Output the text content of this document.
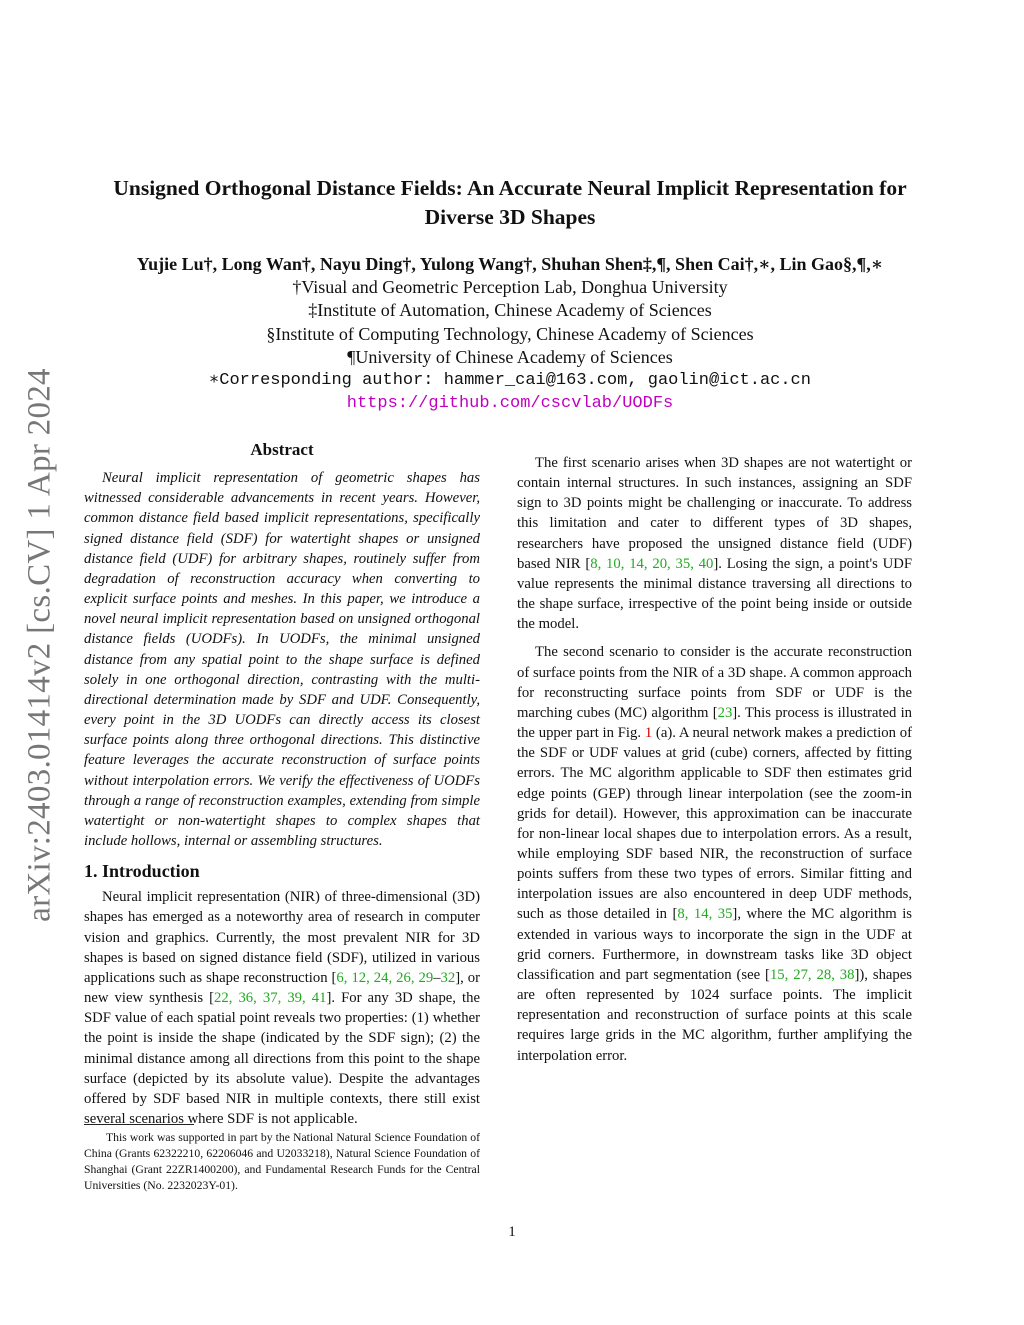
arXiv:2403.01414v2 [cs.CV] 1 Apr 2024
Unsigned Orthogonal Distance Fields: An Accurate Neural Implicit Representation for Diverse 3D Shapes
Yujie Lu†, Long Wan†, Nayu Ding†, Yulong Wang†, Shuhan Shen‡,¶, Shen Cai†,∗, Lin Gao§,¶,∗
†Visual and Geometric Perception Lab, Donghua University
‡Institute of Automation, Chinese Academy of Sciences
§Institute of Computing Technology, Chinese Academy of Sciences
¶University of Chinese Academy of Sciences
∗Corresponding author: hammer_cai@163.com, gaolin@ict.ac.cn
https://github.com/cscvlab/UODFs
Abstract

Neural implicit representation of geometric shapes has witnessed considerable advancements in recent years. However, common distance field based implicit representations, specifically signed distance field (SDF) for watertight shapes or unsigned distance field (UDF) for arbitrary shapes, routinely suffer from degradation of reconstruction accuracy when converting to explicit surface points and meshes. In this paper, we introduce a novel neural implicit representation based on unsigned orthogonal distance fields (UODFs). In UODFs, the minimal unsigned distance from any spatial point to the shape surface is defined solely in one orthogonal direction, contrasting with the multi-directional determination made by SDF and UDF. Consequently, every point in the 3D UODFs can directly access its closest surface points along three orthogonal directions. This distinctive feature leverages the accurate reconstruction of surface points without interpolation errors. We verify the effectiveness of UODFs through a range of reconstruction examples, extending from simple watertight or non-watertight shapes to complex shapes that include hollows, internal or assembling structures.

1. Introduction

Neural implicit representation (NIR) of three-dimensional (3D) shapes has emerged as a noteworthy area of research in computer vision and graphics. Currently, the most prevalent NIR for 3D shapes is based on signed distance field (SDF), utilized in various applications such as shape reconstruction [6, 12, 24, 26, 29–32], or new view synthesis [22, 36, 37, 39, 41]. For any 3D shape, the SDF value of each spatial point reveals two properties: (1) whether the point is inside the shape (indicated by the SDF sign); (2) the minimal distance among all directions from this point to the shape surface (depicted by its absolute value). Despite the advantages offered by SDF based NIR in multiple contexts, there still exist several scenarios where SDF is not applicable.

The first scenario arises when 3D shapes are not watertight or contain internal structures. In such instances, assigning an SDF sign to 3D points might be challenging or inaccurate. To address this limitation and cater to different types of 3D shapes, researchers have proposed the unsigned distance field (UDF) based NIR [8, 10, 14, 20, 35, 40]. Losing the sign, a point's UDF value represents the minimal distance traversing all directions to the shape surface, irrespective of the point being inside or outside the model.

The second scenario to consider is the accurate reconstruction of surface points from the NIR of a 3D shape. A common approach for reconstructing surface points from SDF or UDF is the marching cubes (MC) algorithm [23]. This process is illustrated in the upper part in Fig. 1 (a). A neural network makes a prediction of the SDF or UDF values at grid (cube) corners, affected by fitting errors. The MC algorithm applicable to SDF then estimates grid edge points (GEP) through linear interpolation (see the zoom-in grids for detail). However, this approximation can be inaccurate for non-linear local shapes due to interpolation errors. As a result, while employing SDF based NIR, the reconstruction of surface points suffers from these two types of errors. Similar fitting and interpolation issues are also encountered in deep UDF methods, such as those detailed in [8, 14, 35], where the MC algorithm is extended in various ways to incorporate the sign in the UDF at grid corners. Furthermore, in downstream tasks like 3D object classification and part segmentation (see [15, 27, 28, 38]), shapes are often represented by 1024 surface points. The implicit representation and reconstruction of surface points at this scale requires large grids in the MC algorithm, further amplifying the interpolation error.

This work was supported in part by the National Natural Science Foundation of China (Grants 62322210, 62206046 and U2033218), Natural Science Foundation of Shanghai (Grant 22ZR1400200), and Fundamental Research Funds for the Central Universities (No. 2232023Y-01).
1
